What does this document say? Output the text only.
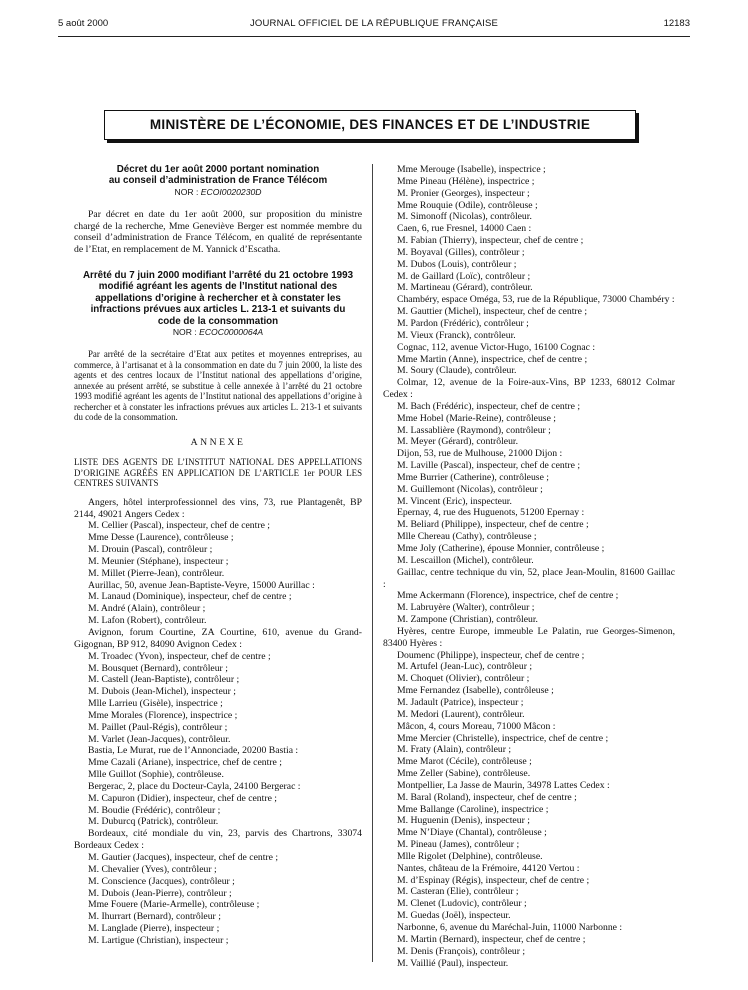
5 août 2000	JOURNAL OFFICIEL DE LA RÉPUBLIQUE FRANÇAISE	12183
MINISTÈRE DE L’ÉCONOMIE, DES FINANCES ET DE L’INDUSTRIE
Décret du 1er août 2000 portant nomination
au conseil d’administration de France Télécom

NOR : ECOI0020230D

Par décret en date du 1er août 2000, sur proposition du ministre chargé de la recherche, Mme Geneviève Berger est nommée membre du conseil d’administration de France Télécom, en qualité de représentante de l’Etat, en remplacement de M. Yannick d’Escatha.

Arrêté du 7 juin 2000 modifiant l’arrêté du 21 octobre 1993
modifié agréant les agents de l’Institut national des
appellations d’origine à rechercher et à constater les
infractions prévues aux articles L. 213-1 et suivants du
code de la consommation

NOR : ECOC0000064A

Par arrêté de la secrétaire d’Etat aux petites et moyennes entreprises, au commerce, à l’artisanat et à la consommation en date du 7 juin 2000, la liste des agents et des centres locaux de l’Institut national des appellations d’origine, annexée au présent arrêté, se substitue à celle annexée à l’arrêté du 21 octobre 1993 modifié agréant les agents de l’Institut national des appellations d’origine à rechercher et à constater les infractions prévues aux articles L. 213-1 et suivants du code de la consommation.

ANNEXE

LISTE DES AGENTS DE L’INSTITUT NATIONAL DES APPELLATIONS D’ORIGINE AGRÉÉS EN APPLICATION DE L’ARTICLE 1er POUR LES CENTRES SUIVANTS

Angers, hôtel interprofessionnel des vins, 73, rue Plantagenêt, BP 2144, 49021 Angers Cedex :

M. Cellier (Pascal), inspecteur, chef de centre ;

Mme Desse (Laurence), contrôleuse ;

M. Drouin (Pascal), contrôleur ;

M. Meunier (Stéphane), inspecteur ;

M. Millet (Pierre-Jean), contrôleur.

Aurillac, 50, avenue Jean-Baptiste-Veyre, 15000 Aurillac :

M. Lanaud (Dominique), inspecteur, chef de centre ;

M. André (Alain), contrôleur ;

M. Lafon (Robert), contrôleur.

Avignon, forum Courtine, ZA Courtine, 610, avenue du Grand-Gigognan, BP 912, 84090 Avignon Cedex :

M. Troadec (Yvon), inspecteur, chef de centre ;

M. Bousquet (Bernard), contrôleur ;

M. Castell (Jean-Baptiste), contrôleur ;

M. Dubois (Jean-Michel), inspecteur ;

Mlle Larrieu (Gisèle), inspectrice ;

Mme Morales (Florence), inspectrice ;

M. Paillet (Paul-Régis), contrôleur ;

M. Varlet (Jean-Jacques), contrôleur.

Bastia, Le Murat, rue de l’Annonciade, 20200 Bastia :

Mme Cazali (Ariane), inspectrice, chef de centre ;

Mlle Guillot (Sophie), contrôleuse.

Bergerac, 2, place du Docteur-Cayla, 24100 Bergerac :

M. Capuron (Didier), inspecteur, chef de centre ;

M. Boudie (Frédéric), contrôleur ;

M. Duburcq (Patrick), contrôleur.

Bordeaux, cité mondiale du vin, 23, parvis des Chartrons, 33074 Bordeaux Cedex :

M. Gautier (Jacques), inspecteur, chef de centre ;

M. Chevalier (Yves), contrôleur ;

M. Conscience (Jacques), contrôleur ;

M. Dubois (Jean-Pierre), contrôleur ;

Mme Fouere (Marie-Armelle), contrôleuse ;

M. Ihurrart (Bernard), contrôleur ;

M. Langlade (Pierre), inspecteur ;

M. Lartigue (Christian), inspecteur ;

Mme Merouge (Isabelle), inspectrice ;

Mme Pineau (Hélène), inspectrice ;

M. Pronier (Georges), inspecteur ;

Mme Rouquie (Odile), contrôleuse ;

M. Simonoff (Nicolas), contrôleur.

Caen, 6, rue Fresnel, 14000 Caen :

M. Fabian (Thierry), inspecteur, chef de centre ;

M. Boyaval (Gilles), contrôleur ;

M. Dubos (Louis), contrôleur ;

M. de Gaillard (Loïc), contrôleur ;

M. Martineau (Gérard), contrôleur.

Chambéry, espace Oméga, 53, rue de la République, 73000 Chambéry :

M. Gauttier (Michel), inspecteur, chef de centre ;

M. Pardon (Frédéric), contrôleur ;

M. Vieux (Franck), contrôleur.

Cognac, 112, avenue Victor-Hugo, 16100 Cognac :

Mme Martin (Anne), inspectrice, chef de centre ;

M. Soury (Claude), contrôleur.

Colmar, 12, avenue de la Foire-aux-Vins, BP 1233, 68012 Colmar Cedex :

M. Bach (Frédéric), inspecteur, chef de centre ;

Mme Hobel (Marie-Reine), contrôleuse ;

M. Lassablière (Raymond), contrôleur ;

M. Meyer (Gérard), contrôleur.

Dijon, 53, rue de Mulhouse, 21000 Dijon :

M. Laville (Pascal), inspecteur, chef de centre ;

Mme Burrier (Catherine), contrôleuse ;

M. Guillemont (Nicolas), contrôleur ;

M. Vincent (Eric), inspecteur.

Epernay, 4, rue des Huguenots, 51200 Epernay :

M. Beliard (Philippe), inspecteur, chef de centre ;

Mlle Chereau (Cathy), contrôleuse ;

Mme Joly (Catherine), épouse Monnier, contrôleuse ;

M. Lescaillon (Michel), contrôleur.

Gaillac, centre technique du vin, 52, place Jean-Moulin, 81600 Gaillac :

Mme Ackermann (Florence), inspectrice, chef de centre ;

M. Labruyère (Walter), contrôleur ;

M. Zampone (Christian), contrôleur.

Hyères, centre Europe, immeuble Le Palatin, rue Georges-Simenon, 83400 Hyères :

Doumenc (Philippe), inspecteur, chef de centre ;

M. Artufel (Jean-Luc), contrôleur ;

M. Choquet (Olivier), contrôleur ;

Mme Fernandez (Isabelle), contrôleuse ;

M. Jadault (Patrice), inspecteur ;

M. Medori (Laurent), contrôleur.

Mâcon, 4, cours Moreau, 71000 Mâcon :

Mme Mercier (Christelle), inspectrice, chef de centre ;

M. Fraty (Alain), contrôleur ;

Mme Marot (Cécile), contrôleuse ;

Mme Zeller (Sabine), contrôleuse.

Montpellier, La Jasse de Maurin, 34978 Lattes Cedex :

M. Baral (Roland), inspecteur, chef de centre ;

Mme Ballange (Caroline), inspectrice ;

M. Huguenin (Denis), inspecteur ;

Mme N’Diaye (Chantal), contrôleuse ;

M. Pineau (James), contrôleur ;

Mlle Rigolet (Delphine), contrôleuse.

Nantes, château de la Frémoire, 44120 Vertou :

M. d’Espinay (Régis), inspecteur, chef de centre ;

M. Casteran (Elie), contrôleur ;

M. Clenet (Ludovic), contrôleur ;

M. Guedas (Joël), inspecteur.

Narbonne, 6, avenue du Maréchal-Juin, 11000 Narbonne :

M. Martin (Bernard), inspecteur, chef de centre ;

M. Denis (François), contrôleur ;

M. Vaillié (Paul), inspecteur.
